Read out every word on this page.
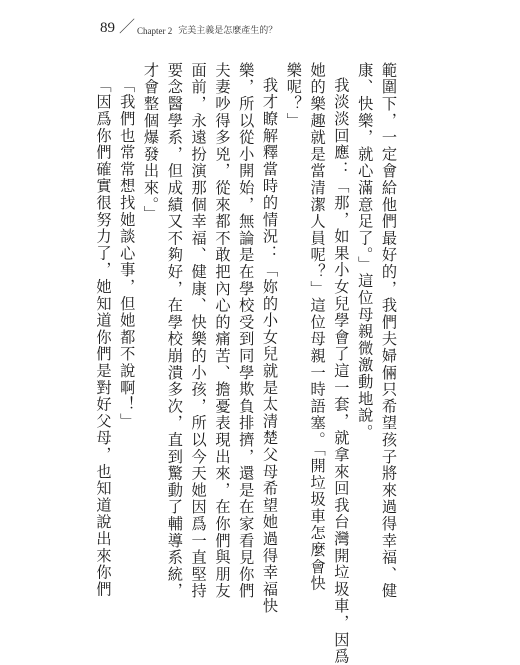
89 ／ Chapter 2 完美主義是怎麼產生的？

範圍下，一定會給他們最好的，我們夫婦倆只希望孩子將來過得幸福、健

康、快樂，就心滿意足了。」這位母親微激動地說。

我淡淡回應：「那，如果小女兒學會了這一套，就拿來回我台灣開垃圾車，因爲

她的樂趣就是當清潔人員呢？」這位母親一時語塞。「開垃圾車怎麼會快

樂呢？」

我才瞭解釋當時的情況：「妳的小女兒就是太清楚父母希望她過得幸福快

樂，所以從小開始，無論是在學校受到同學欺負排擠，還是在家看見你們

夫妻吵得多兇，從來都不敢把內心的痛苦、擔憂表現出來，在你們與朋友

面前，永遠扮演那個幸福、健康、快樂的小孩，所以今天她因爲一直堅持

要念醫學系，但成績又不夠好，在學校崩潰多次，直到驚動了輔導系統，

才會整個爆發出來。」

「我們也常常想找她談心事，但她都不說啊！」

「因爲你們確實很努力了，她知道你們是對好父母，也知道說出來你們
